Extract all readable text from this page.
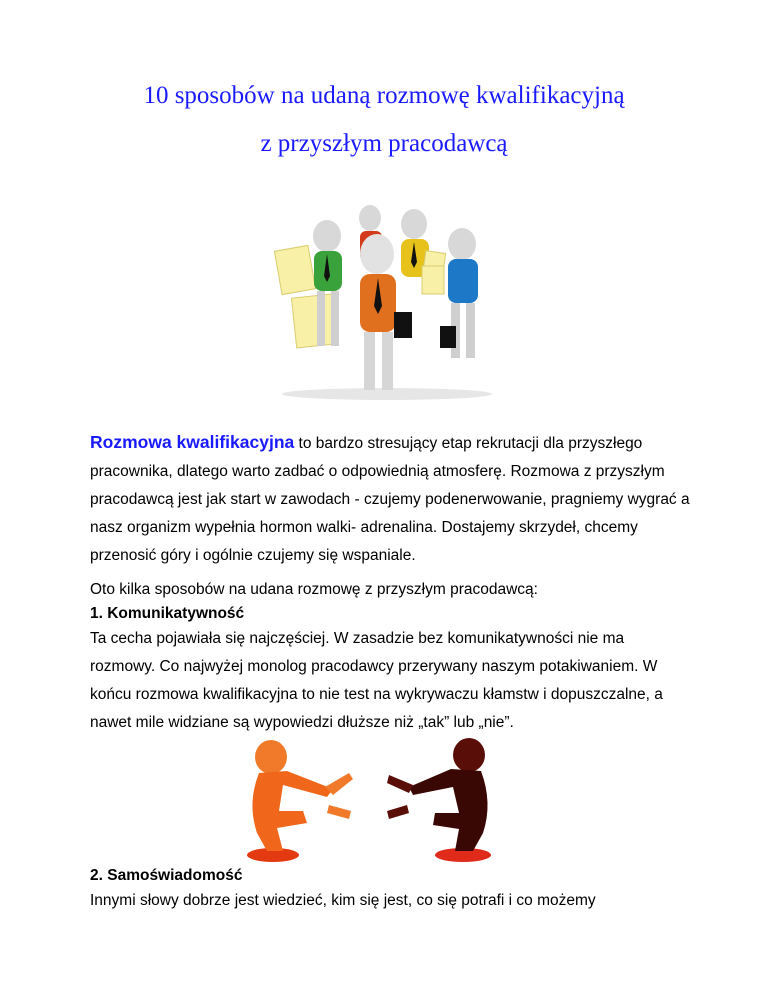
10 sposobów na udaną rozmowę kwalifikacyjną
z przyszłym pracodawcą

Rozmowa kwalifikacyjna to bardzo stresujący etap rekrutacji dla przyszłego pracownika, dlatego warto zadbać o odpowiednią atmosferę. Rozmowa z przyszłym pracodawcą jest jak start w zawodach - czujemy podenerwowanie, pragniemy wygrać a nasz organizm wypełnia hormon walki- adrenalina. Dostajemy skrzydeł, chcemy przenosić góry i ogólnie czujemy się wspaniale.

Oto kilka sposobów na udana rozmowę z przyszłym pracodawcą:

1. Komunikatywność

Ta cecha pojawiała się najczęściej. W zasadzie bez komunikatywności nie ma

rozmowy. Co najwyżej monolog pracodawcy przerywany naszym potakiwaniem. W

końcu rozmowa kwalifikacyjna to nie test na wykrywaczu kłamstw i dopuszczalne, a

nawet mile widziane są wypowiedzi dłuższe niż „tak” lub „nie”.

2. Samoświadomość

Innymi słowy dobrze jest wiedzieć, kim się jest, co się potrafi i co możemy
